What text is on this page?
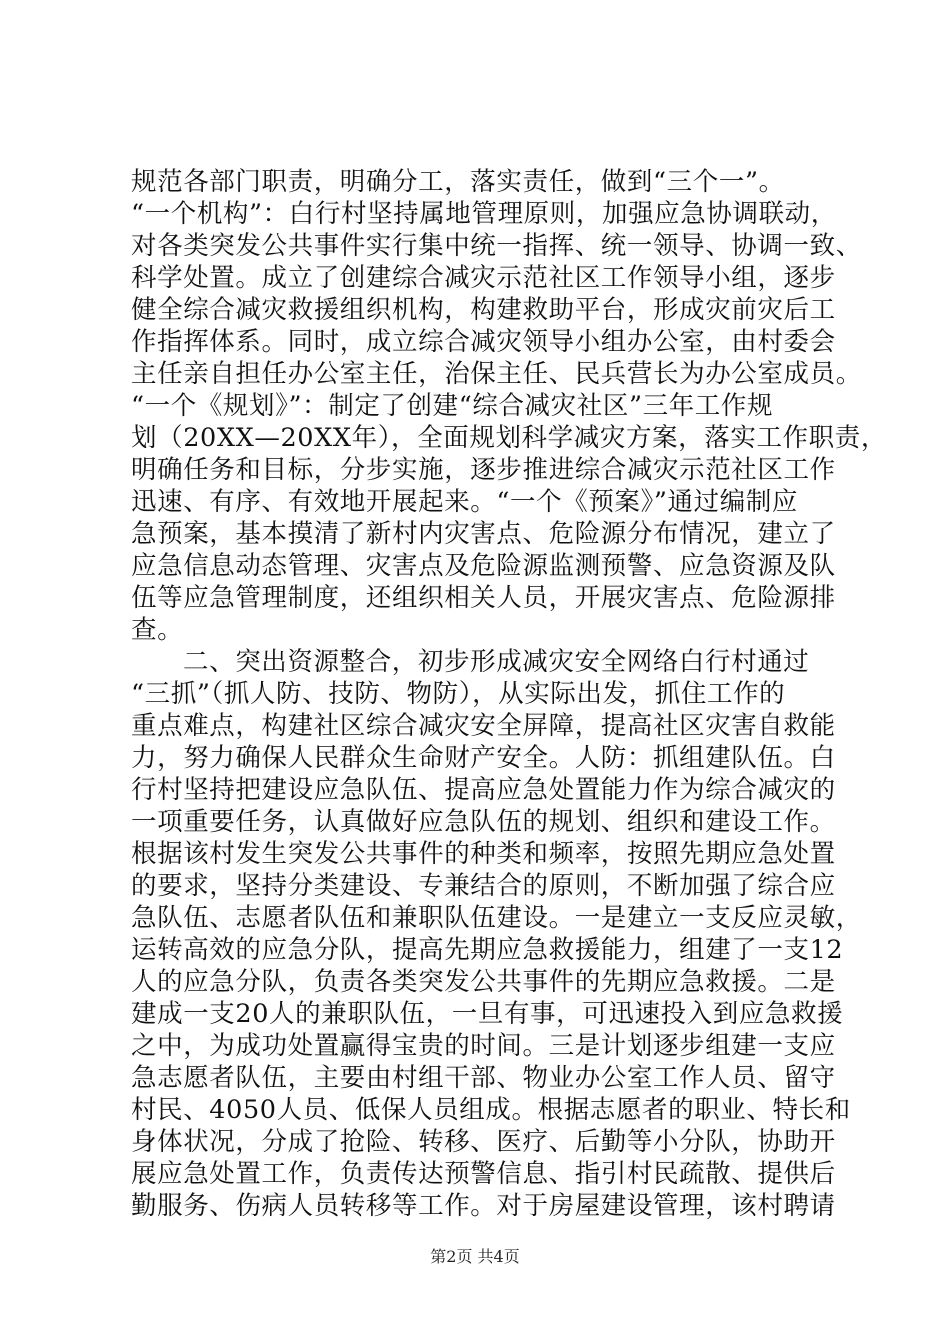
规范各部门职责，明确分工，落实责任，做到“三个一”。
“一个机构”：白行村坚持属地管理原则，加强应急协调联动，
对各类突发公共事件实行集中统一指挥、统一领导、协调一致、
科学处置。成立了创建综合减灾示范社区工作领导小组，逐步
健全综合减灾救援组织机构，构建救助平台，形成灾前灾后工
作指挥体系。同时，成立综合减灾领导小组办公室，由村委会
主任亲自担任办公室主任，治保主任、民兵营长为办公室成员。
“一个《规划》”：制定了创建“综合减灾社区”三年工作规
划（20XX—20XX年），全面规划科学减灾方案，落实工作职责，
明确任务和目标，分步实施，逐步推进综合减灾示范社区工作
迅速、有序、有效地开展起来。“一个《预案》”通过编制应
急预案，基本摸清了新村内灾害点、危险源分布情况，建立了
应急信息动态管理、灾害点及危险源监测预警、应急资源及队
伍等应急管理制度，还组织相关人员，开展灾害点、危险源排
查。
二、突出资源整合，初步形成减灾安全网络白行村通过
“三抓”（抓人防、技防、物防），从实际出发，抓住工作的
重点难点，构建社区综合减灾安全屏障，提高社区灾害自救能
力，努力确保人民群众生命财产安全。人防：抓组建队伍。白
行村坚持把建设应急队伍、提高应急处置能力作为综合减灾的
一项重要任务，认真做好应急队伍的规划、组织和建设工作。
根据该村发生突发公共事件的种类和频率，按照先期应急处置
的要求，坚持分类建设、专兼结合的原则，不断加强了综合应
急队伍、志愿者队伍和兼职队伍建设。一是建立一支反应灵敏，
运转高效的应急分队，提高先期应急救援能力，组建了一支12
人的应急分队，负责各类突发公共事件的先期应急救援。二是
建成一支20人的兼职队伍，一旦有事，可迅速投入到应急救援
之中，为成功处置赢得宝贵的时间。三是计划逐步组建一支应
急志愿者队伍，主要由村组干部、物业办公室工作人员、留守
村民、4050人员、低保人员组成。根据志愿者的职业、特长和
身体状况，分成了抢险、转移、医疗、后勤等小分队，协助开
展应急处置工作，负责传达预警信息、指引村民疏散、提供后
勤服务、伤病人员转移等工作。对于房屋建设管理，该村聘请
第2页 共4页
